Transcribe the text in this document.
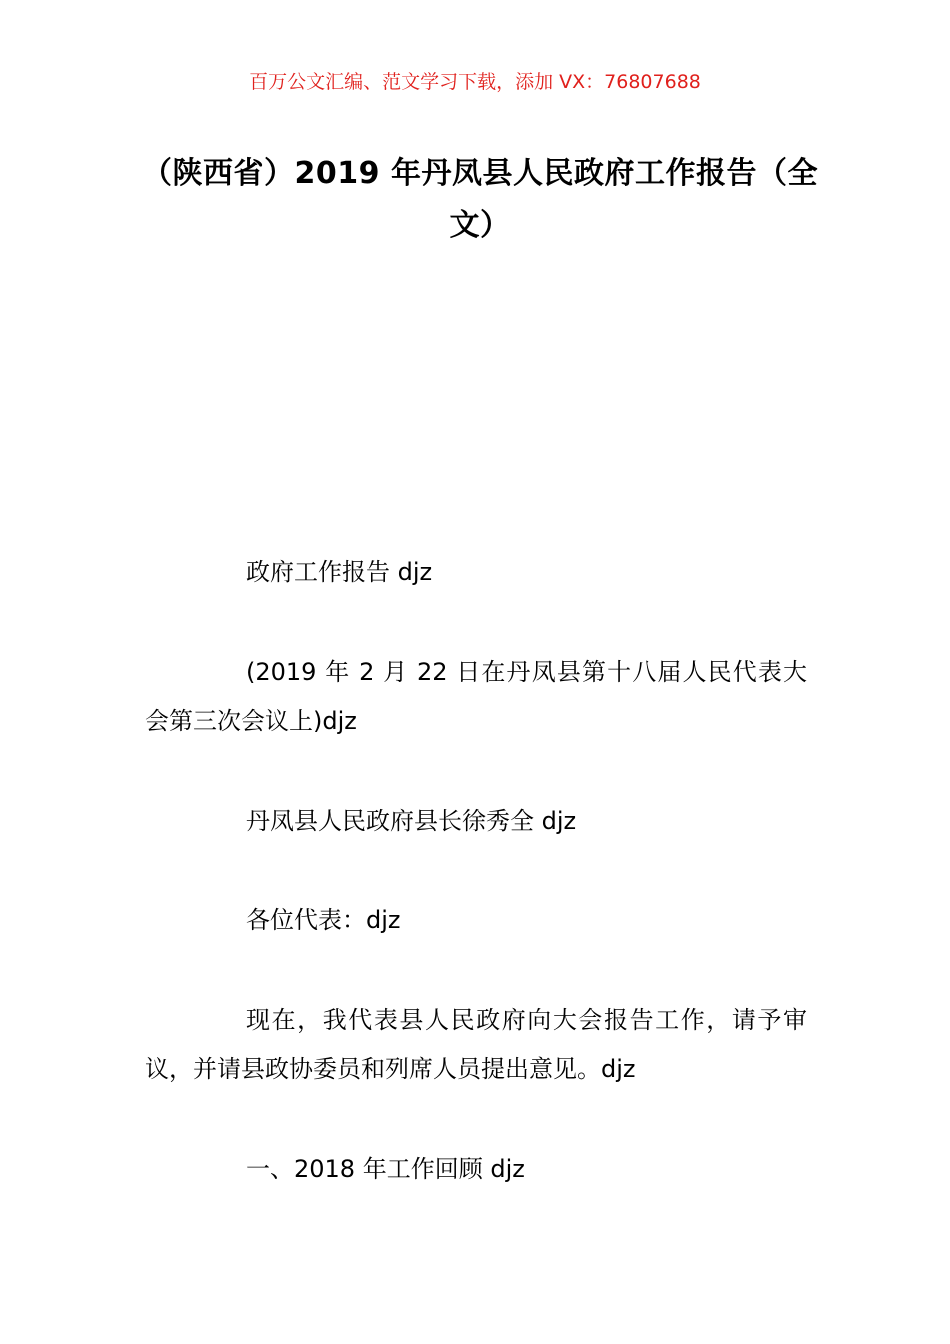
百万公文汇编、范文学习下载，添加 VX：76807688
（陕西省）2019 年丹凤县人民政府工作报告（全文）

政府工作报告 djz

(2019 年 2 月 22 日在丹凤县第十八届人民代表大会第三次会议上)djz

丹凤县人民政府县长徐秀全 djz

各位代表：djz

现在，我代表县人民政府向大会报告工作，请予审议，并请县政协委员和列席人员提出意见。djz

一、2018 年工作回顾 djz
